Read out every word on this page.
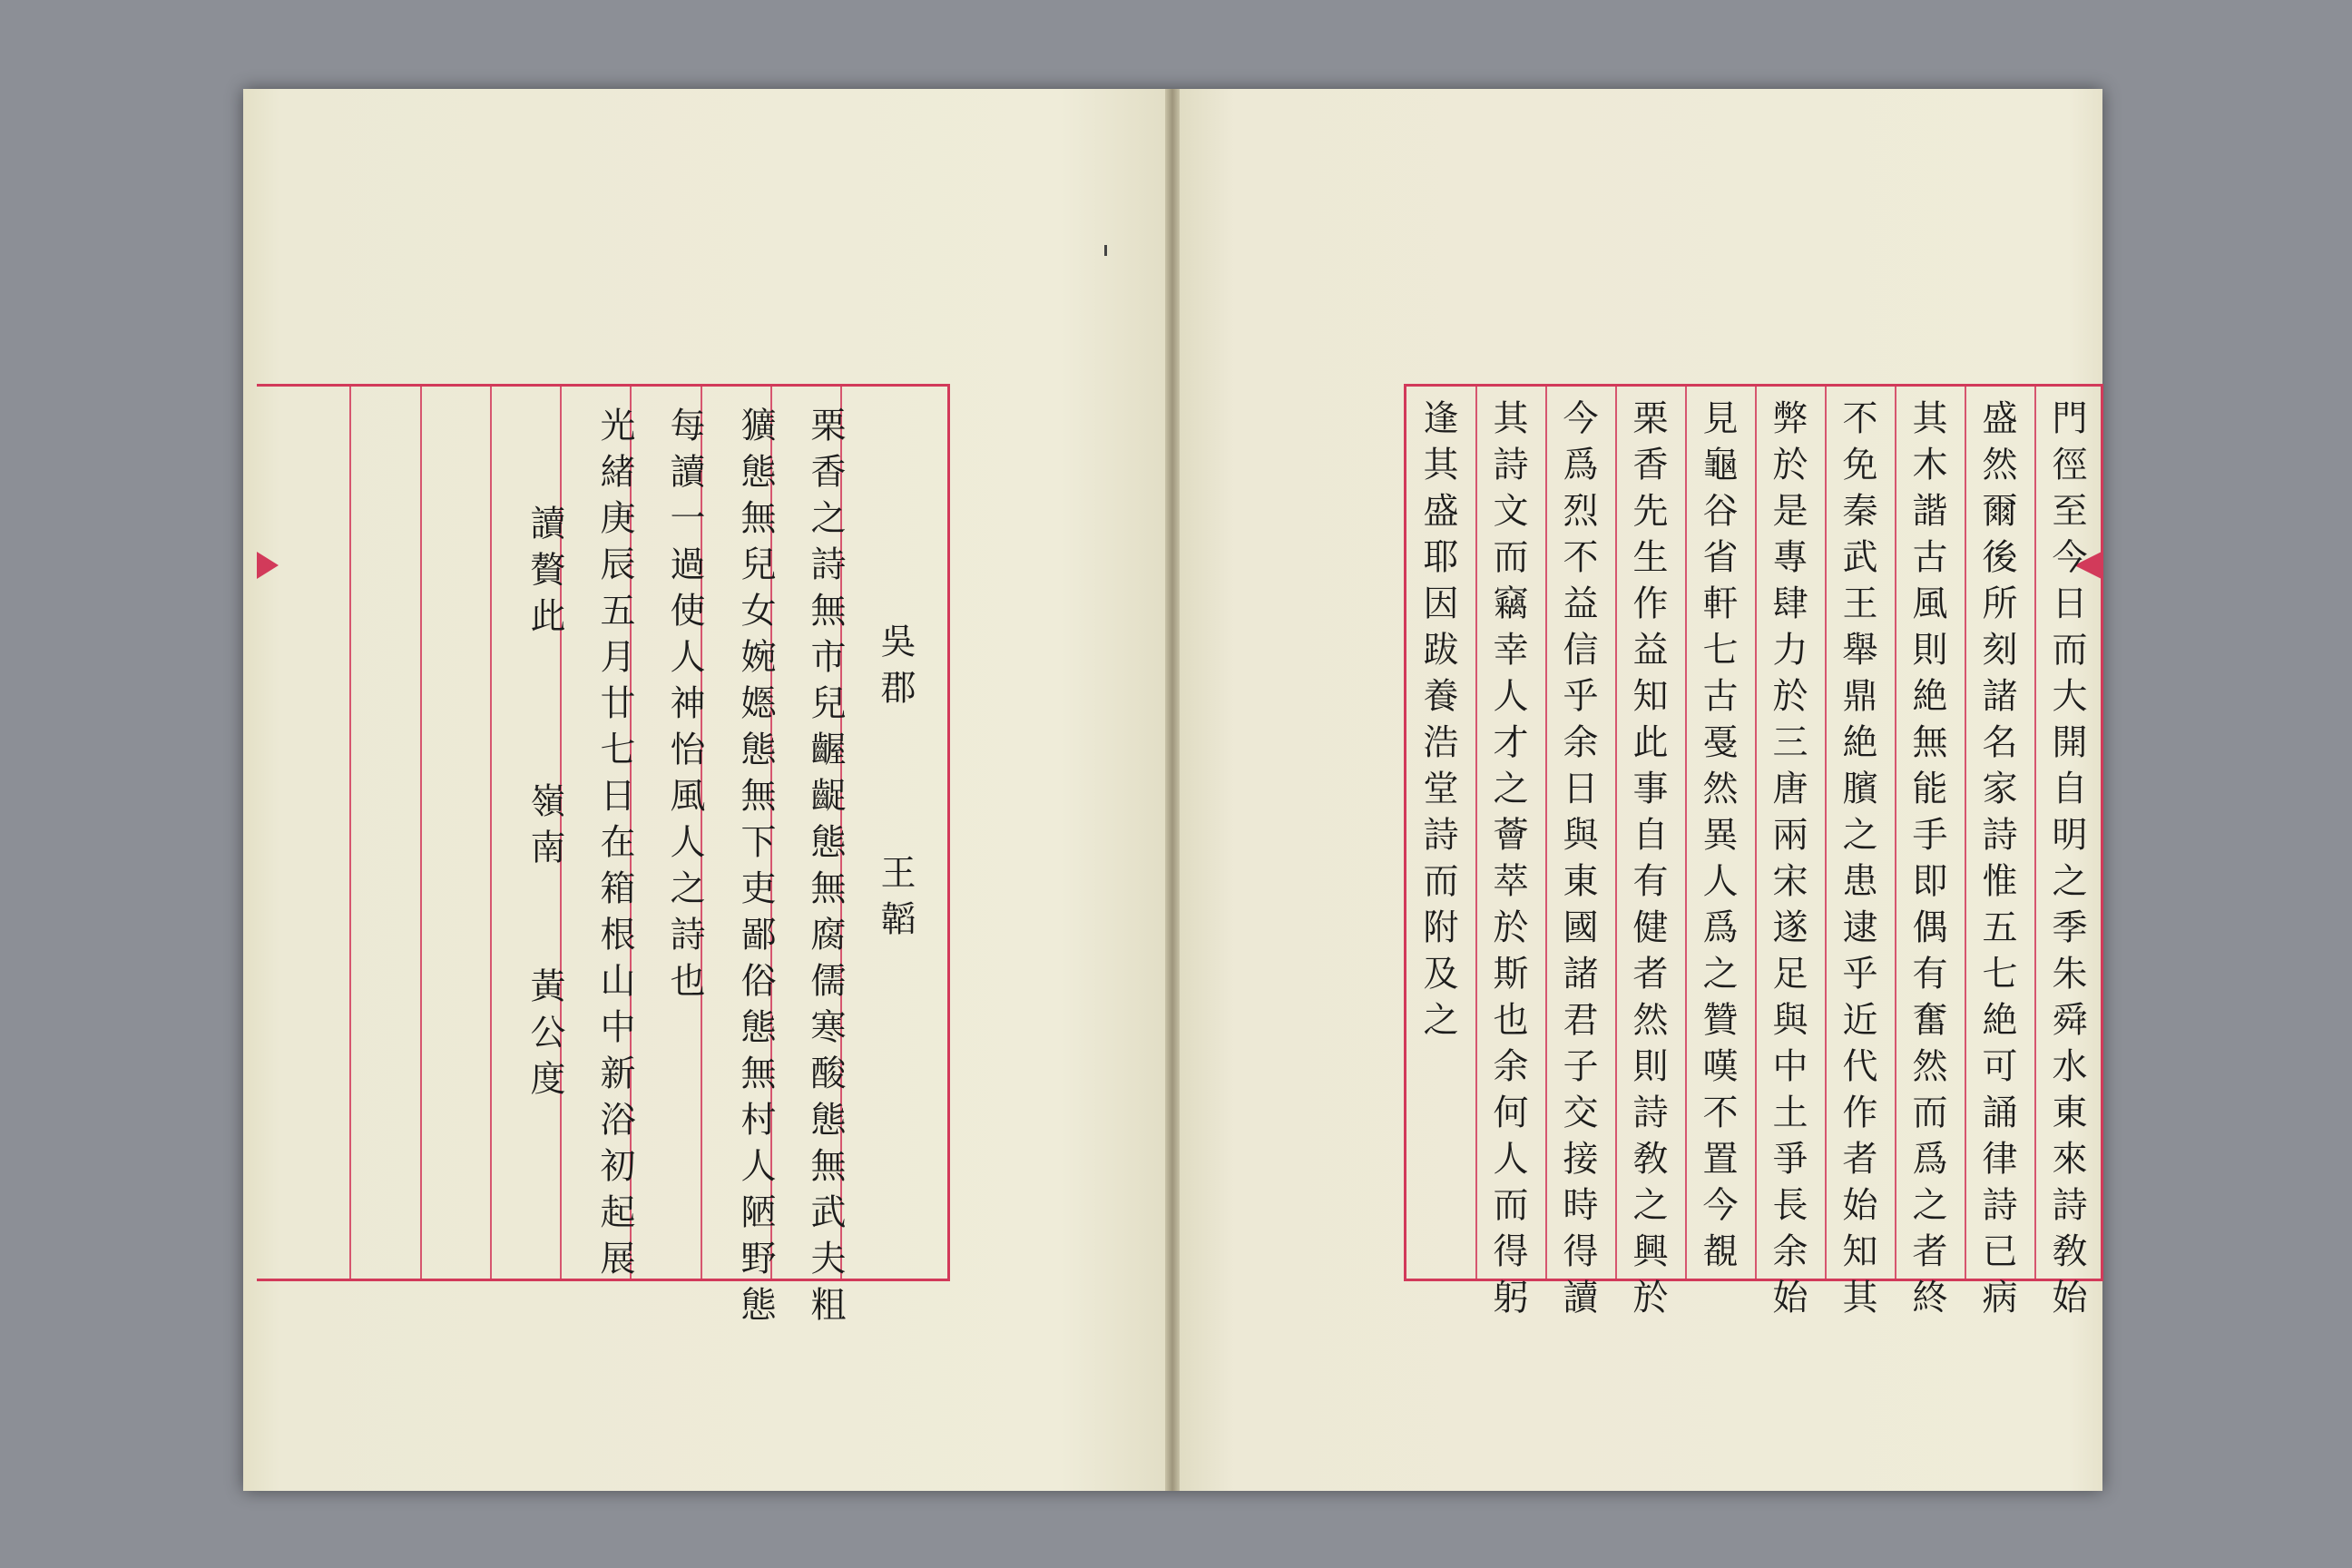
吳郡　　　王韜
栗香之詩無市兒齷齪態無腐儒寒酸態無武夫粗
獷態無兒女婉嫕態無下吏鄙俗態無村人陋野態
每讀一過使人神怡風人之詩也
光緒庚辰五月廿七日在箱根山中新浴初起展
讀贅此　　　嶺南　　黃公度	門徑至今日而大開自明之季朱舜水東來詩敎始
盛然爾後所刻諸名家詩惟五七絶可誦律詩已病
其木諧古風則絶無能手即偶有奮然而爲之者終
不免秦武王舉鼎絶臏之患逮乎近代作者始知其
弊於是專肆力於三唐兩宋遂足與中土爭長余始
見龜谷省軒七古戞然異人爲之贊嘆不置今覩
栗香先生作益知此事自有健者然則詩敎之興於
今爲烈不益信乎余日與東國諸君子交接時得讀
其詩文而竊幸人才之薈萃於斯也余何人而得躬
逢其盛耶因跋養浩堂詩而附及之
